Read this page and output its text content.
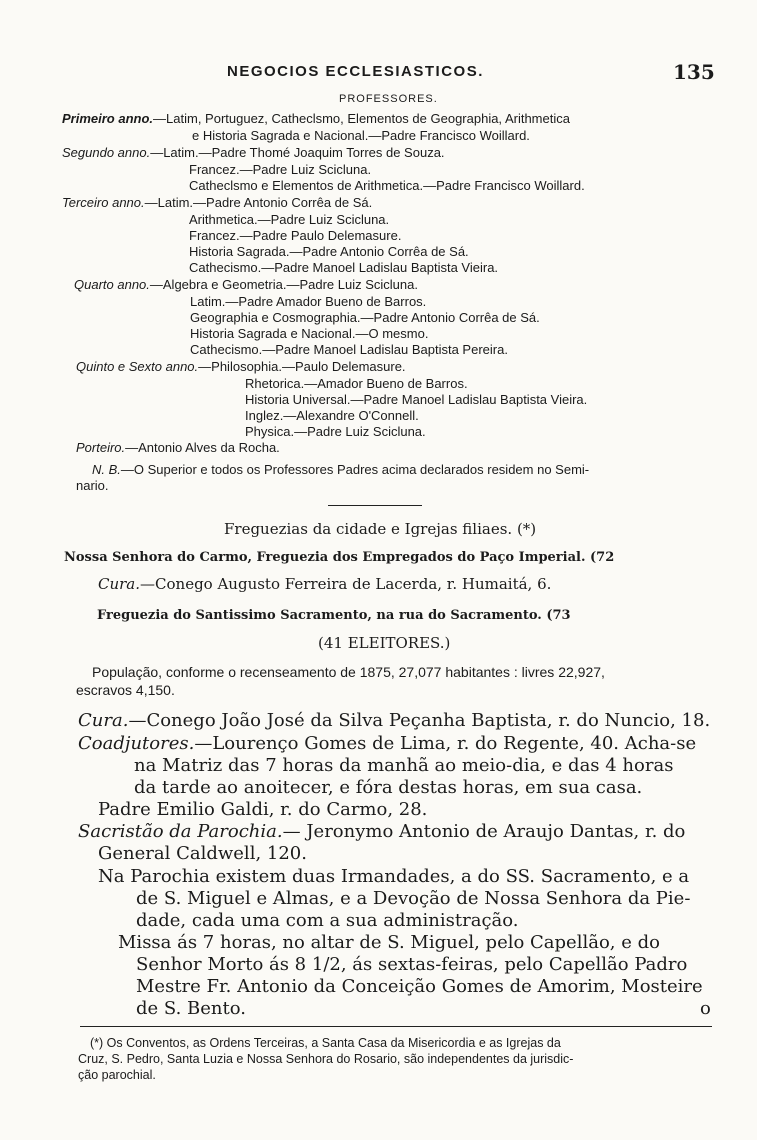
NEGOCIOS ECCLESIASTICOS.	135
PROFESSORES.
Primeiro anno.—Latim, Portuguez, Catheclsmo, Elementos de Geographia, Arithmetica
e Historia Sagrada e Nacional.—Padre Francisco Woillard.
Segundo anno.—Latim.—Padre Thomé Joaquim Torres de Souza.
Francez.—Padre Luiz Scicluna.
Catheclsmo e Elementos de Arithmetica.—Padre Francisco Woillard.
Terceiro anno.—Latim.—Padre Antonio Corrêa de Sá.
Arithmetica.—Padre Luiz Scicluna.
Francez.—Padre Paulo Delemasure.
Historia Sagrada.—Padre Antonio Corrêa de Sá.
Cathecismo.—Padre Manoel Ladislau Baptista Vieira.
Quarto anno.—Algebra e Geometria.—Padre Luiz Scicluna.
Latim.—Padre Amador Bueno de Barros.
Geographia e Cosmographia.—Padre Antonio Corrêa de Sá.
Historia Sagrada e Nacional.—O mesmo.
Cathecismo.—Padre Manoel Ladislau Baptista Pereira.
Quinto e Sexto anno.—Philosophia.—Paulo Delemasure.
Rhetorica.—Amador Bueno de Barros.
Historia Universal.—Padre Manoel Ladislau Baptista Vieira.
Inglez.—Alexandre O'Connell.
Physica.—Padre Luiz Scicluna.
Porteiro.—Antonio Alves da Rocha.
N. B.—O Superior e todos os Professores Padres acima declarados residem no Semi-
nario.
Freguezias da cidade e Igrejas filiaes. (*)
Nossa Senhora do Carmo, Freguezia dos Empregados do Paço Imperial. (72
Cura.—Conego Augusto Ferreira de Lacerda, r. Humaitá, 6.
Freguezia do Santissimo Sacramento, na rua do Sacramento. (73
(41 ELEITORES.)
População, conforme o recenseamento de 1875, 27,077 habitantes : livres 22,927,
escravos 4,150.
Cura.—Conego João José da Silva Peçanha Baptista, r. do Nuncio, 18.
Coadjutores.—Lourenço Gomes de Lima, r. do Regente, 40. Acha-se
na Matriz das 7 horas da manhã ao meio-dia, e das 4 horas
da tarde ao anoitecer, e fóra destas horas, em sua casa.
Padre Emilio Galdi, r. do Carmo, 28.
Sacristão da Parochia.— Jeronymo Antonio de Araujo Dantas, r. do
General Caldwell, 120.
Na Parochia existem duas Irmandades, a do SS. Sacramento, e a
de S. Miguel e Almas, e a Devoção de Nossa Senhora da Pie-
dade, cada uma com a sua administração.
Missa ás 7 horas, no altar de S. Miguel, pelo Capellão, e do
Senhor Morto ás 8 1/2, ás sextas-feiras, pelo Capellão Padro
Mestre Fr. Antonio da Conceição Gomes de Amorim, Mosteire
de S. Bento.	o
(*) Os Conventos, as Ordens Terceiras, a Santa Casa da Misericordia e as Igrejas da
Cruz, S. Pedro, Santa Luzia e Nossa Senhora do Rosario, são independentes da jurisdic-
ção parochial.
